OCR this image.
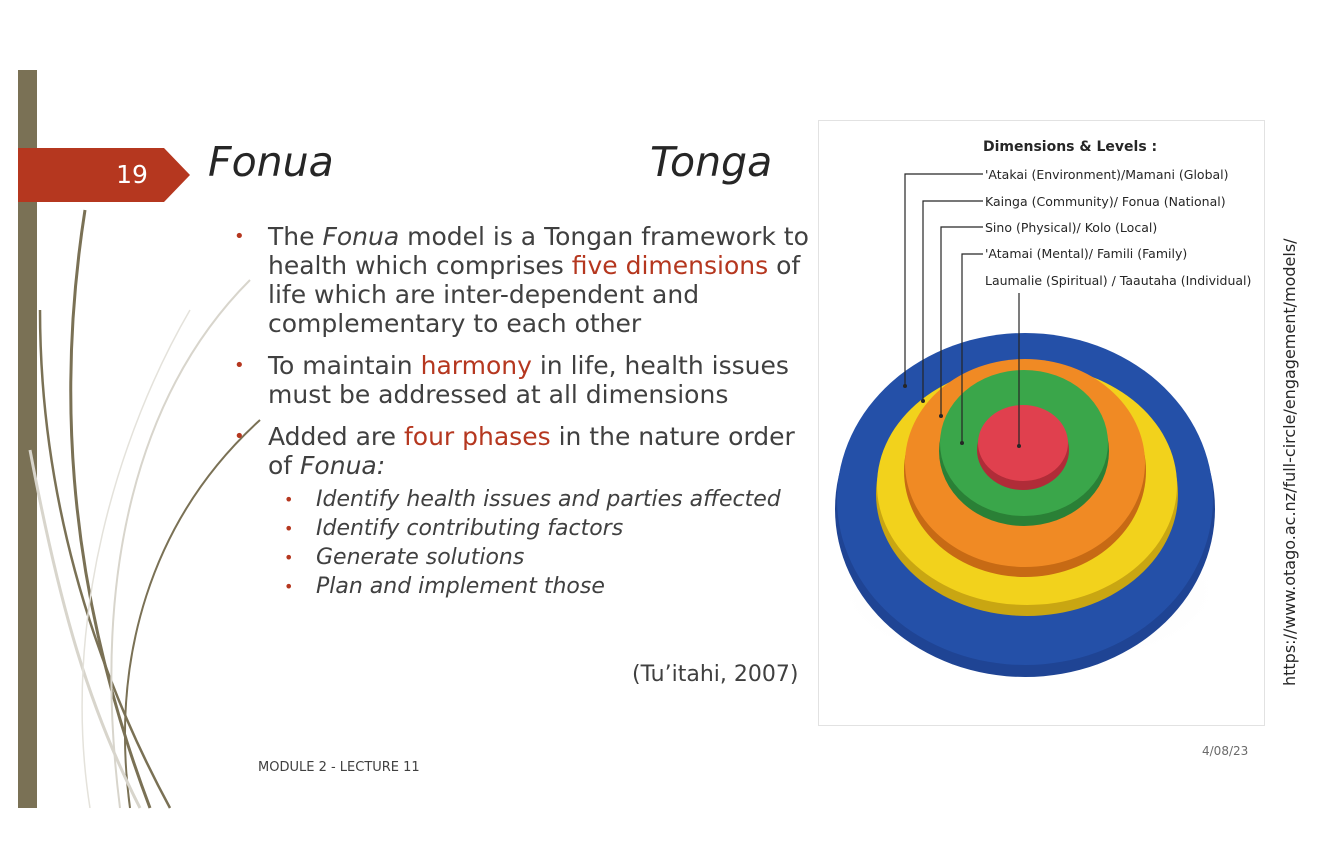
19	Fonua	Tonga
• The Fonua model is a Tongan framework to health which comprises five dimensions of life which are inter-dependent and complementary to each other
• To maintain harmony in life, health issues must be addressed at all dimensions
• Added are four phases in the nature order of Fonua:
• Identify health issues and parties affected
• Identify contributing factors
• Generate solutions
• Plan and implement those
(Tu’itahi, 2007)
Dimensions & Levels :
'Atakai (Environment)/Mamani (Global)
Kainga (Community)/ Fonua (National)
Sino (Physical)/ Kolo (Local)
'Atamai (Mental)/ Famili (Family)
Laumalie (Spiritual) / Taautaha (Individual) https://www.otago.ac.nz/full-circle/engagement/models/
MODULE 2 - LECTURE 11
4/08/23
